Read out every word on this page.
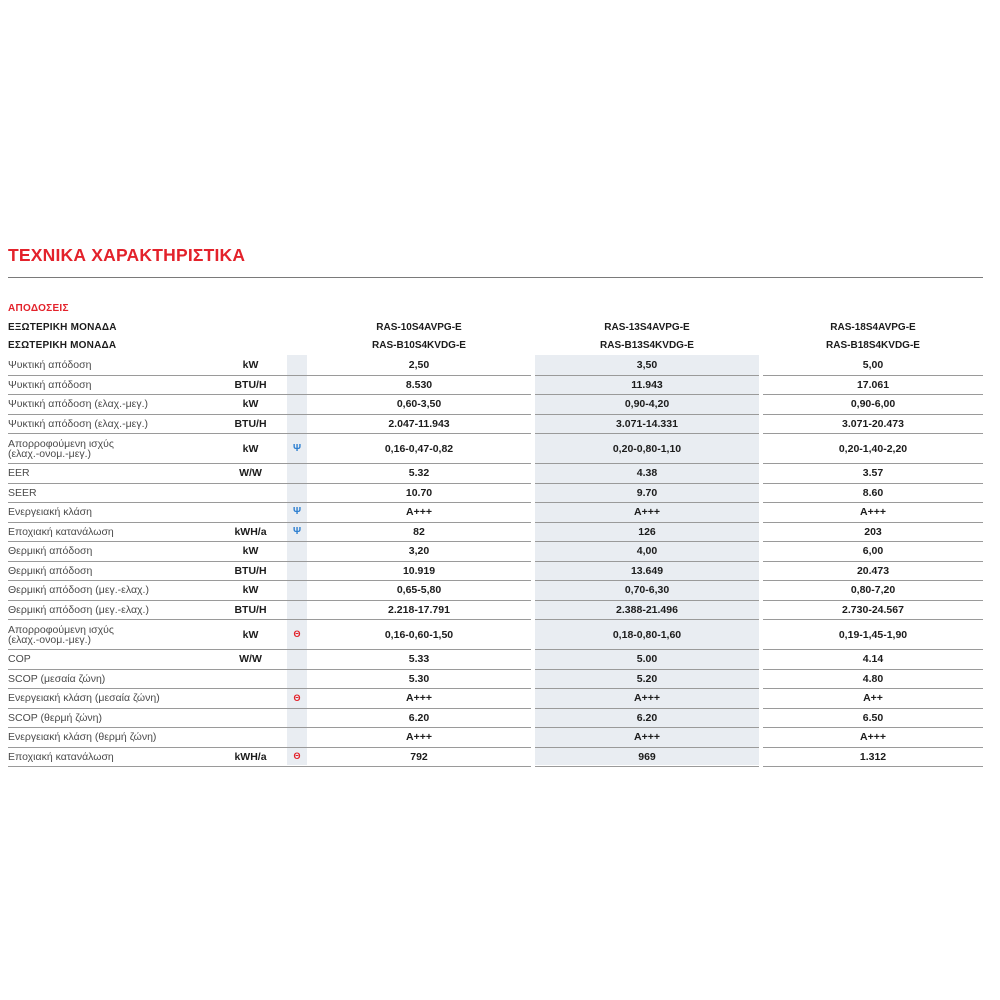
ΤΕΧΝΙΚΑ ΧΑΡΑΚΤΗΡΙΣΤΙΚΑ
ΑΠΟΔΟΣΕΙΣ
ΕΞΩΤΕΡΙΚΗ ΜΟΝΑΔΑ	RAS-10S4AVPG-E	RAS-13S4AVPG-E	RAS-18S4AVPG-E
ΕΣΩΤΕΡΙΚΗ ΜΟΝΑΔΑ	RAS-B10S4KVDG-E	RAS-B13S4KVDG-E	RAS-B18S4KVDG-E
Ψυκτική απόδοση	kW	2,50	3,50	5,00
Ψυκτική απόδοση	BTU/H	8.530	11.943	17.061
Ψυκτική απόδοση (ελαχ.-μεγ.)	kW	0,60-3,50	0,90-4,20	0,90-6,00
Ψυκτική απόδοση (ελαχ.-μεγ.)	BTU/H	2.047-11.943	3.071-14.331	3.071-20.473
Απορροφούμενη ισχύς
(ελαχ.-ονομ.-μεγ.)	kW	Ψ	0,16-0,47-0,82	0,20-0,80-1,10	0,20-1,40-2,20
EER	W/W	5.32	4.38	3.57
SEER	10.70	9.70	8.60
Ενεργειακή κλάση	Ψ	A+++	A+++	A+++
Εποχιακή κατανάλωση	kWH/a	Ψ	82	126	203
Θερμική απόδοση	kW	3,20	4,00	6,00
Θερμική απόδοση	BTU/H	10.919	13.649	20.473
Θερμική απόδοση (μεγ.-ελαχ.)	kW	0,65-5,80	0,70-6,30	0,80-7,20
Θερμική απόδοση (μεγ.-ελαχ.)	BTU/H	2.218-17.791	2.388-21.496	2.730-24.567
Απορροφούμενη ισχύς
(ελαχ.-ονομ.-μεγ.)	kW	Θ	0,16-0,60-1,50	0,18-0,80-1,60	0,19-1,45-1,90
COP	W/W	5.33	5.00	4.14
SCOP (μεσαία ζώνη)	5.30	5.20	4.80
Ενεργειακή κλάση (μεσαία ζώνη)	Θ	A+++	A+++	A++
SCOP (θερμή ζώνη)	6.20	6.20	6.50
Ενεργειακή κλάση (θερμή ζώνη)	A+++	A+++	A+++
Εποχιακή κατανάλωση	kWH/a	Θ	792	969	1.312
